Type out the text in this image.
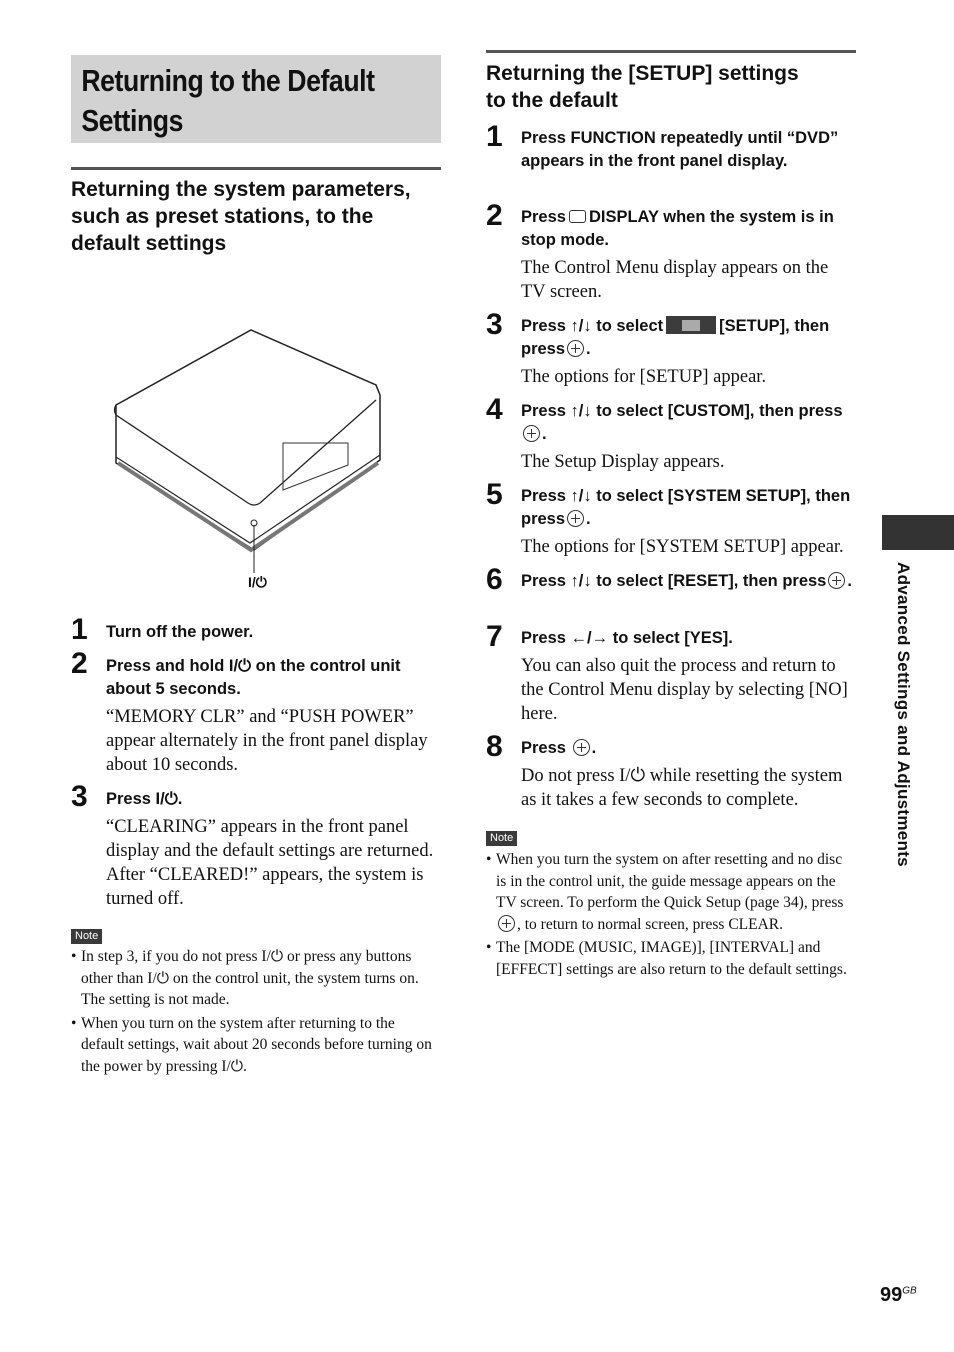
Returning to the Default Settings
Returning the system parameters, such as preset stations, to the default settings
I/⏻
1 Turn off the power.
2 Press and hold I/⏻ on the control unit about 5 seconds.
“MEMORY CLR” and “PUSH POWER” appear alternately in the front panel display about 10 seconds.
3 Press I/⏻.
“CLEARING” appears in the front panel display and the default settings are returned. After “CLEARED!” appears, the system is turned off.
Note
• In step 3, if you do not press I/⏻ or press any buttons other than I/⏻ on the control unit, the system turns on. The setting is not made.
• When you turn on the system after returning to the default settings, wait about 20 seconds before turning on the power by pressing I/⏻.
Returning the [SETUP] settings to the default
1 Press FUNCTION repeatedly until “DVD” appears in the front panel display.
2 Press DISPLAY when the system is in stop mode.
The Control Menu display appears on the TV screen.
3 Press ↑/↓ to select	[SETUP], then press .
The options for [SETUP] appear.
4 Press ↑/↓ to select [CUSTOM], then press.
The Setup Display appears.
5 Press ↑/↓ to select [SYSTEM SETUP], then press .
The options for [SYSTEM SETUP] appear.
6 Press ↑/↓ to select [RESET], then press .
7 Press ←/→ to select [YES].
You can also quit the process and return to the Control Menu display by selecting [NO] here.
8 Press .
Do not press I/⏻ while resetting the system as it takes a few seconds to complete.
Note
• When you turn the system on after resetting and no disc is in the control unit, the guide message appears on the TV screen. To perform the Quick Setup (page 34), press , to return to normal screen, press CLEAR.
• The [MODE (MUSIC, IMAGE)], [INTERVAL] and [EFFECT] settings are also return to the default settings.
Advanced Settings and Adjustments
$99^{GB}$
